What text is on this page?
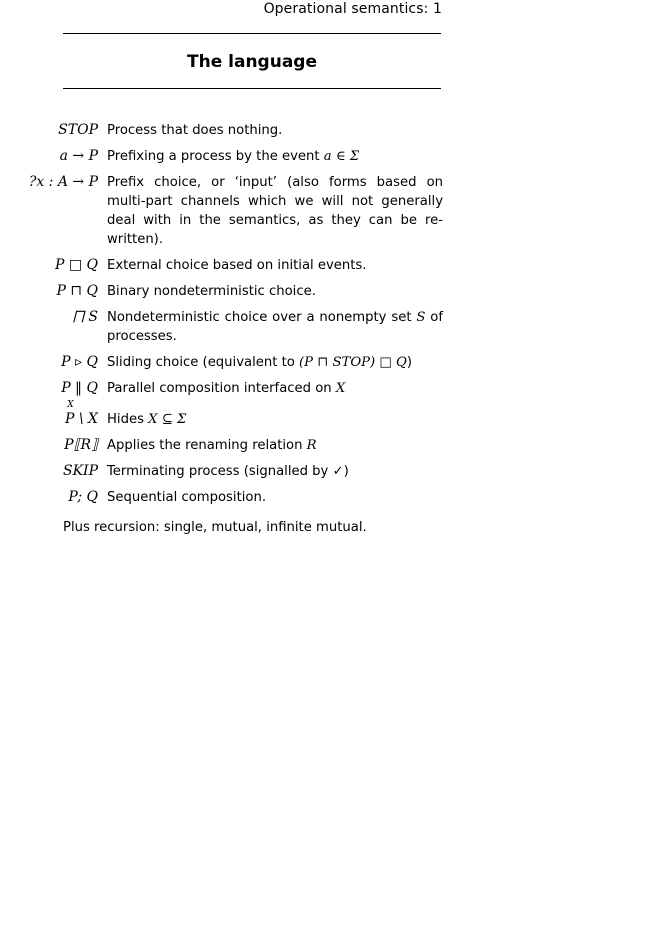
Operational semantics: 1
The language
STOP Process that does nothing.
a → P Prefixing a process by the event a ∈ Σ
?x : A → P Prefix choice, or ‘input’ (also forms based on multi-part channels which we will not generally deal with in the semantics, as they can be re-written).
P □ Q External choice based on initial events.
P ⊓ Q Binary nondeterministic choice.
⨅ S Nondeterministic choice over a nonempty set S of processes.
P ▹ Q Sliding choice (equivalent to (P ⊓ STOP) □ Q)
P ‖ Q
X
Parallel composition interfaced on X
P \ X Hides X ⊆ Σ
P⟦R⟧ Applies the renaming relation R
SKIP Terminating process (signalled by ✓)
P; Q Sequential composition.
Plus recursion: single, mutual, infinite mutual.
